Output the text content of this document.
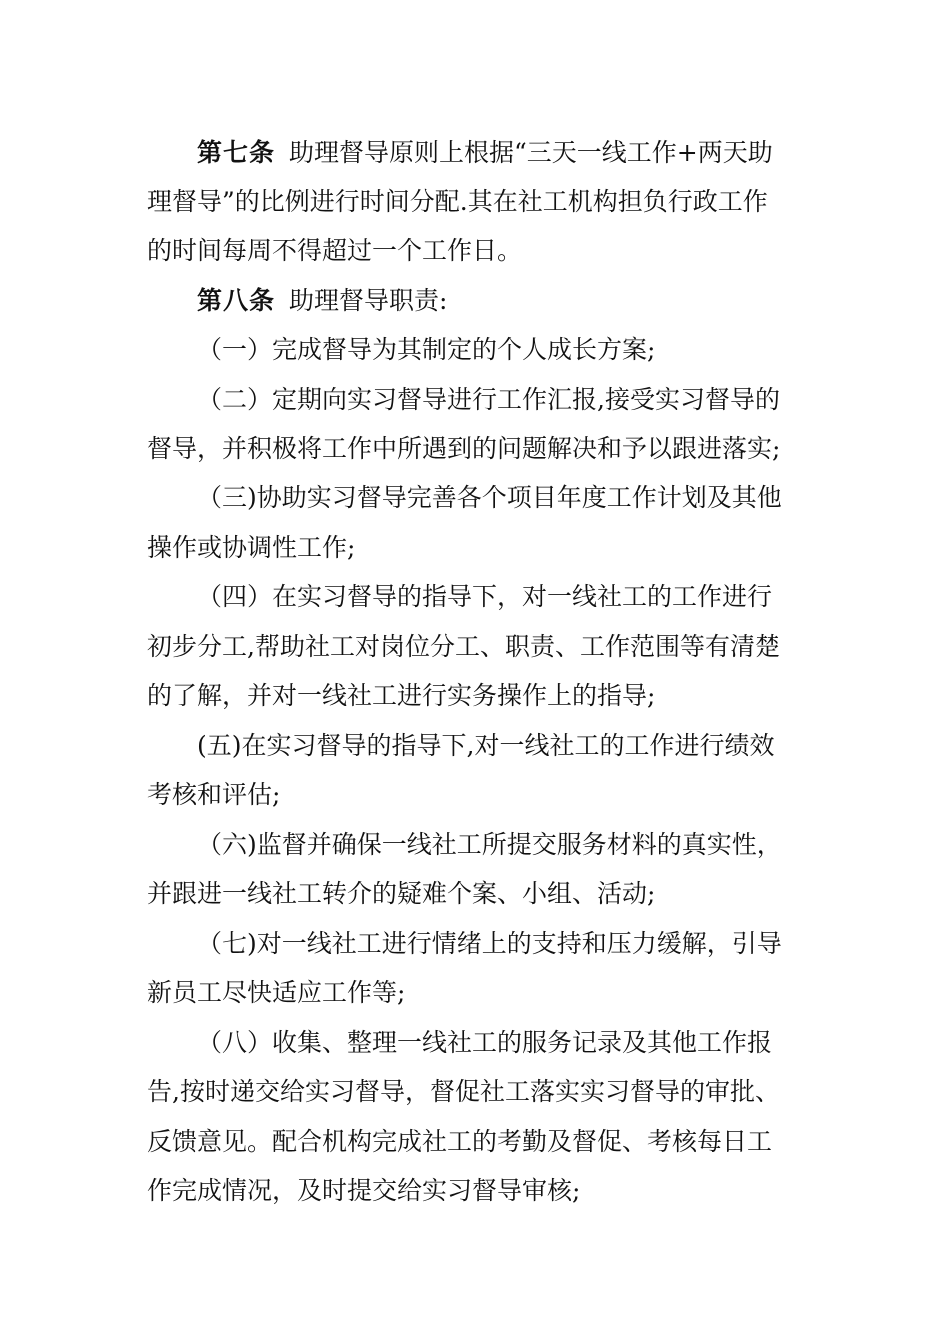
第七条 助理督导原则上根据“三天一线工作+两天助
理督导”的比例进行时间分配.其在社工机构担负行政工作
的时间每周不得超过一个工作日。
第八条 助理督导职责:
（一）完成督导为其制定的个人成长方案;
（二）定期向实习督导进行工作汇报,接受实习督导的
督导，并积极将工作中所遇到的问题解决和予以跟进落实;
（三)协助实习督导完善各个项目年度工作计划及其他
操作或协调性工作;
（四）在实习督导的指导下，对一线社工的工作进行
初步分工,帮助社工对岗位分工、职责、工作范围等有清楚
的了解，并对一线社工进行实务操作上的指导;
(五)在实习督导的指导下,对一线社工的工作进行绩效
考核和评估;
（六)监督并确保一线社工所提交服务材料的真实性，
并跟进一线社工转介的疑难个案、小组、活动;
（七)对一线社工进行情绪上的支持和压力缓解，引导
新员工尽快适应工作等;
（八）收集、整理一线社工的服务记录及其他工作报
告,按时递交给实习督导，督促社工落实实习督导的审批、
反馈意见。配合机构完成社工的考勤及督促、考核每日工
作完成情况，及时提交给实习督导审核;
